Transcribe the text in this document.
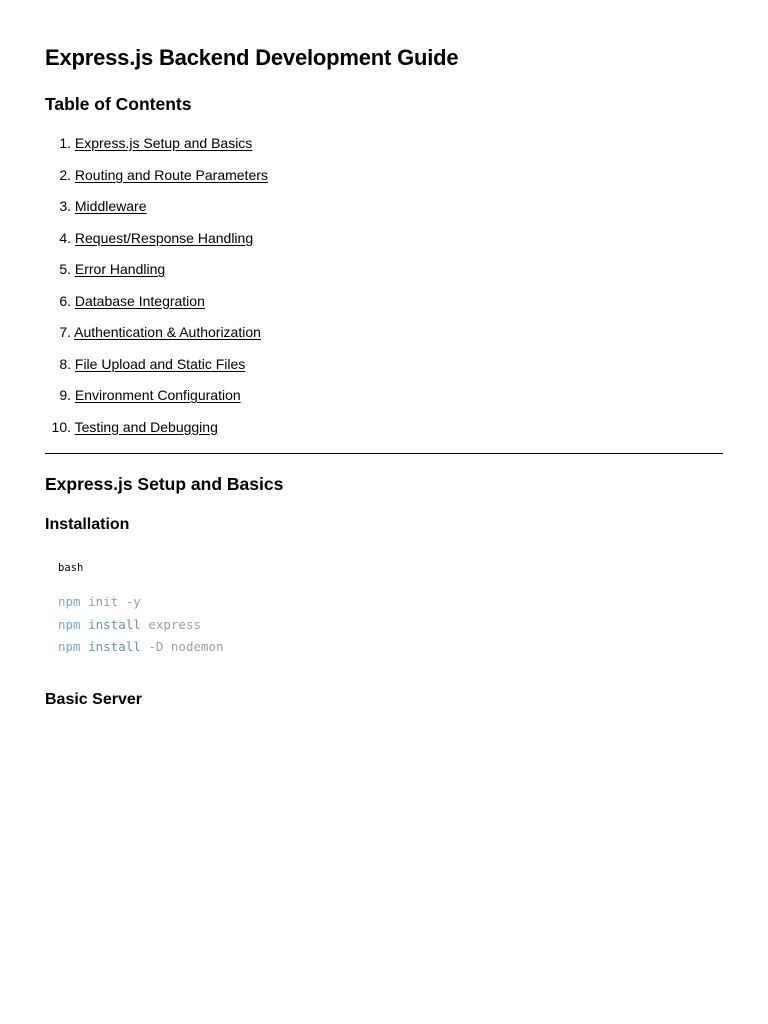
Express.js Backend Development Guide
Table of Contents
1. Express.js Setup and Basics
2. Routing and Route Parameters
3. Middleware
4. Request/Response Handling
5. Error Handling
6. Database Integration
7. Authentication & Authorization
8. File Upload and Static Files
9. Environment Configuration
10. Testing and Debugging
Express.js Setup and Basics
Installation
bash
npm init -y
npm install express
npm install -D nodemon
Basic Server
